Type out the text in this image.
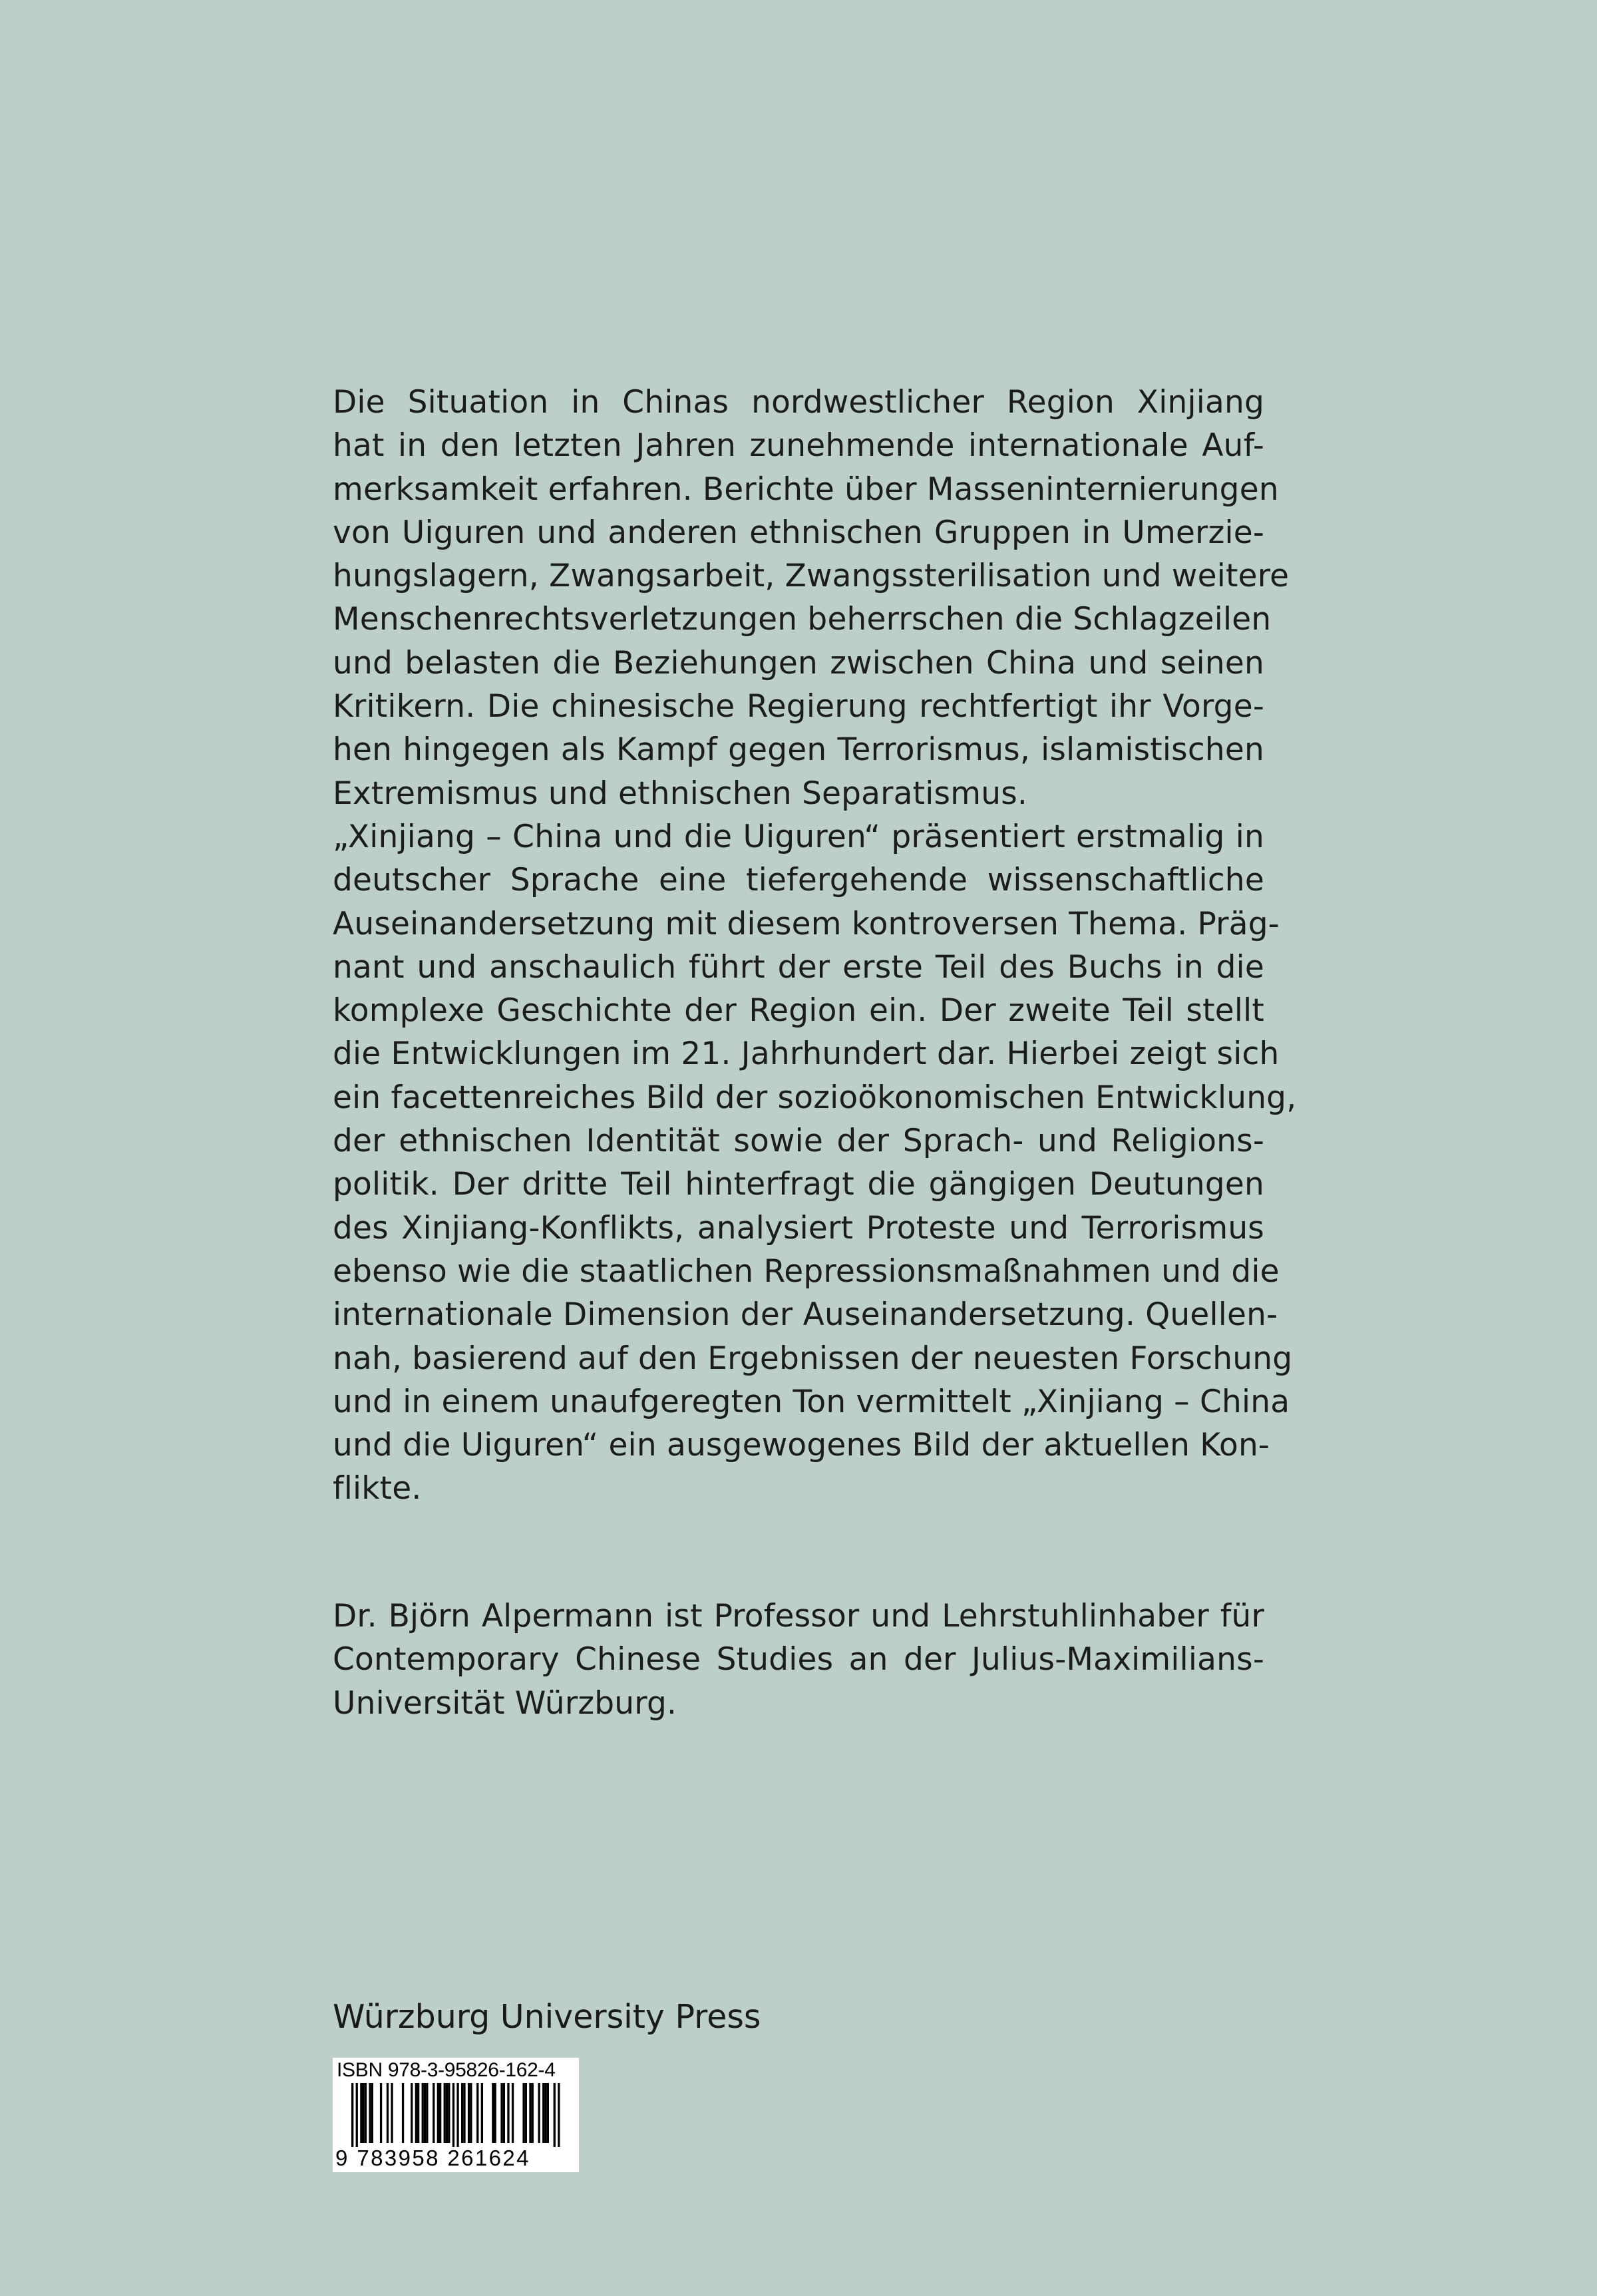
Die Situation in Chinas nordwestlicher Region Xinjiang
hat in den letzten Jahren zunehmende internationale Auf-
merksamkeit erfahren. Berichte über Masseninternierungen
von Uiguren und anderen ethnischen Gruppen in Umerzie-
hungslagern, Zwangsarbeit, Zwangssterilisation und weitere
Menschenrechtsverletzungen beherrschen die Schlagzeilen
und belasten die Beziehungen zwischen China und seinen
Kritikern. Die chinesische Regierung rechtfertigt ihr Vorge-
hen hingegen als Kampf gegen Terrorismus, islamistischen
Extremismus und ethnischen Separatismus.
„Xinjiang – China und die Uiguren“ präsentiert erstmalig in
deutscher Sprache eine tiefergehende wissenschaftliche
Auseinandersetzung mit diesem kontroversen Thema. Präg-
nant und anschaulich führt der erste Teil des Buchs in die
komplexe Geschichte der Region ein. Der zweite Teil stellt
die Entwicklungen im 21. Jahrhundert dar. Hierbei zeigt sich
ein facettenreiches Bild der sozioökonomischen Entwicklung,
der ethnischen Identität sowie der Sprach- und Religions-
politik. Der dritte Teil hinterfragt die gängigen Deutungen
des Xinjiang-Konflikts, analysiert Proteste und Terrorismus
ebenso wie die staatlichen Repressionsmaßnahmen und die
internationale Dimension der Auseinandersetzung. Quellen-
nah, basierend auf den Ergebnissen der neuesten Forschung
und in einem unaufgeregten Ton vermittelt „Xinjiang – China
und die Uiguren“ ein ausgewogenes Bild der aktuellen Kon-
flikte.
Dr. Björn Alpermann ist Professor und Lehrstuhlinhaber für
Contemporary Chinese Studies an der Julius-Maximilians-
Universität Würzburg.
Würzburg University Press
ISBN 978-3-95826-162-4
9 783958 261624
